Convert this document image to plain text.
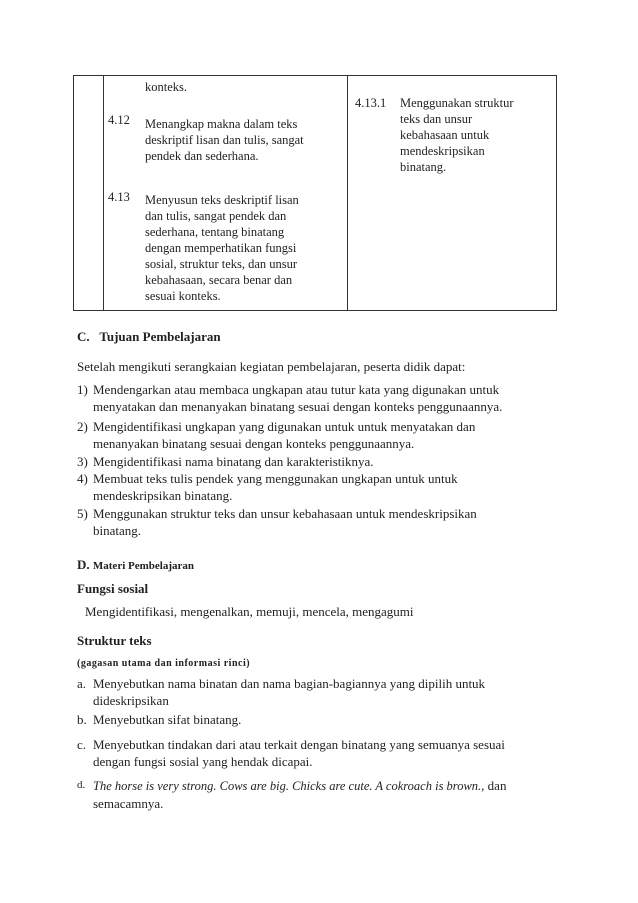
konteks.
4.12 Menangkap makna dalam teks
deskriptif lisan dan tulis, sangat
pendek dan sederhana.
4.13 Menyusun teks deskriptif lisan
dan tulis, sangat pendek dan
sederhana, tentang binatang
dengan memperhatikan fungsi
sosial, struktur teks, dan unsur
kebahasaan, secara benar dan
sesuai konteks.
4.13.1 Menggunakan struktur
teks dan unsur
kebahasaan untuk
mendeskripsikan
binatang.
C. Tujuan Pembelajaran
Setelah mengikuti serangkaian kegiatan pembelajaran, peserta didik dapat:
1) Mendengarkan atau membaca ungkapan atau tutur kata yang digunakan untuk
menyatakan dan menanyakan binatang sesuai dengan konteks penggunaannya.
2) Mengidentifikasi ungkapan yang digunakan untuk untuk menyatakan dan
menanyakan binatang sesuai dengan konteks penggunaannya.
3) Mengidentifikasi nama binatang dan karakteristiknya.
4) Membuat teks tulis pendek yang menggunakan ungkapan untuk untuk
mendeskripsikan binatang.
5) Menggunakan struktur teks dan unsur kebahasaan untuk mendeskripsikan
binatang.
D. Materi Pembelajaran
Fungsi sosial
Mengidentifikasi, mengenalkan, memuji, mencela, mengagumi
Struktur teks
(gagasan utama dan informasi rinci)
a. Menyebutkan nama binatan dan nama bagian-bagiannya yang dipilih untuk
dideskripsikan
b. Menyebutkan sifat binatang.
c. Menyebutkan tindakan dari atau terkait dengan binatang yang semuanya sesuai
dengan fungsi sosial yang hendak dicapai.
d. The horse is very strong. Cows are big. Chicks are cute. A cokroach is brown., dan
semacamnya.
